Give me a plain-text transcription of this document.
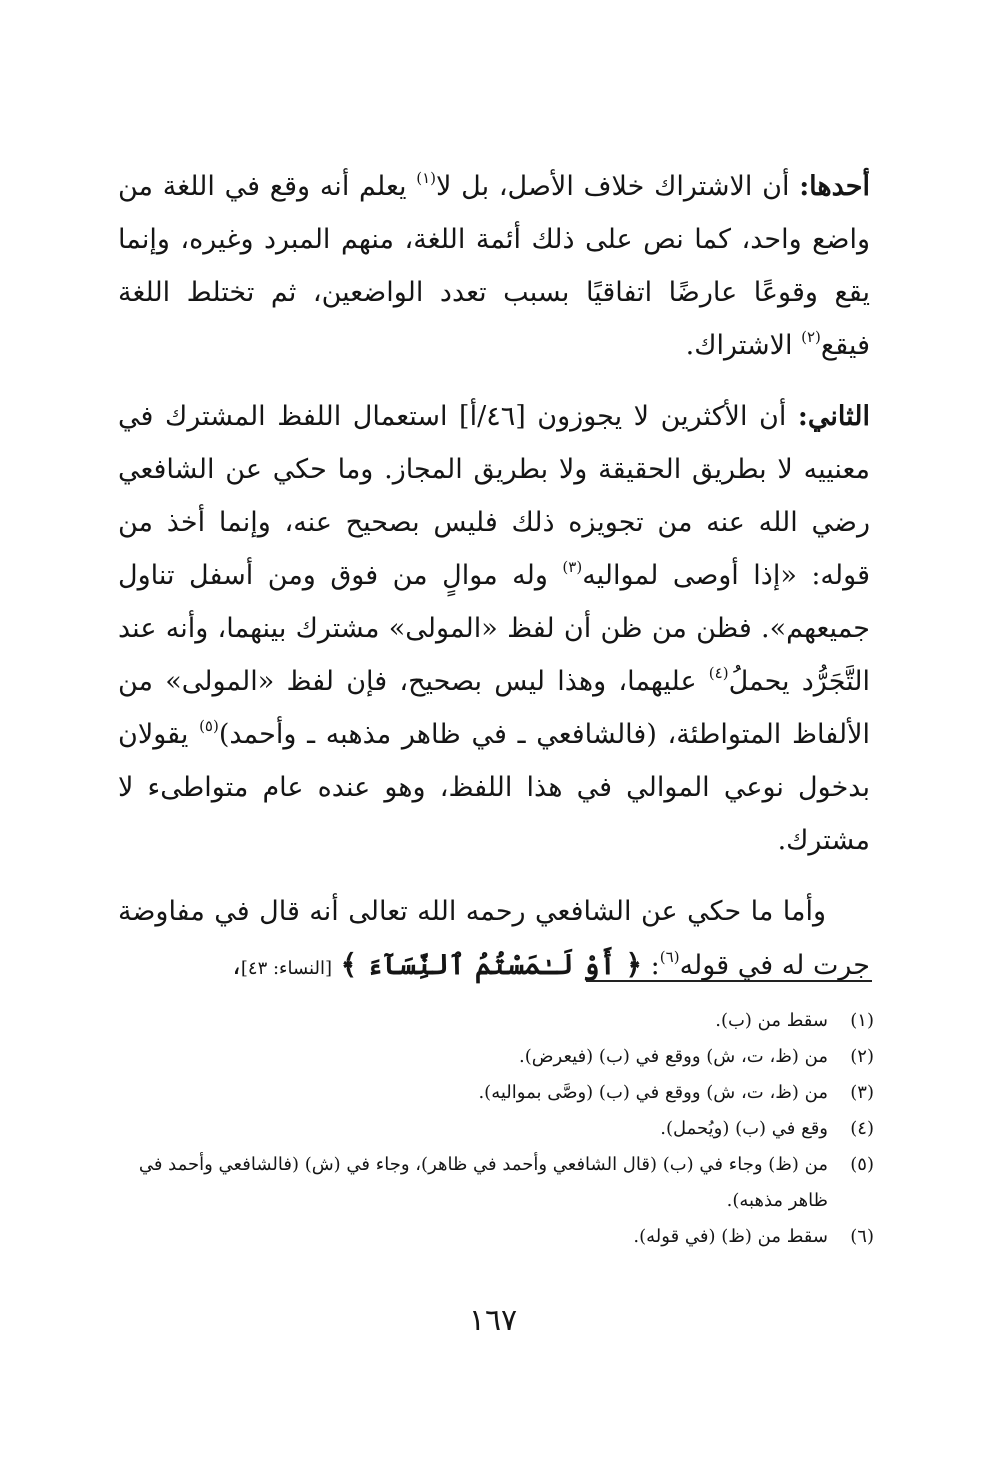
أحدها: أن الاشتراك خلاف الأصل، بل لا$^{(١)}$ يعلم أنه وقع في اللغة من واضع واحد، كما نص على ذلك أئمة اللغة، منهم المبرد وغيره، وإنما يقع وقوعًا عارضًا اتفاقيًا بسبب تعدد الواضعين، ثم تختلط اللغة فيقع$^{(٢)}$ الاشتراك.

الثاني: أن الأكثرين لا يجوزون [٤٦/أ] استعمال اللفظ المشترك في معنييه لا بطريق الحقيقة ولا بطريق المجاز. وما حكي عن الشافعي رضي الله عنه من تجويزه ذلك فليس بصحيح عنه، وإنما أخذ من قوله: «إذا أوصى لمواليه$^{(٣)}$ وله موالٍ من فوق ومن أسفل تناول جميعهم». فظن من ظن أن لفظ «المولى» مشترك بينهما، وأنه عند التَّجَرُّد يحملُ$^{(٤)}$ عليهما، وهذا ليس بصحيح، فإن لفظ «المولى» من الألفاظ المتواطئة، (فالشافعي ـ في ظاهر مذهبه ـ وأحمد)$^{(٥)}$ يقولان بدخول نوعي الموالي في هذا اللفظ، وهو عنده عام متواطىء لا مشترك.

وأما ما حكي عن الشافعي رحمه الله تعالى أنه قال في مفاوضة جرت له في قوله$^{(٦)}$: ﴿ أَوْ لَـٰمَسْتُمُ ٱلنِّسَآءَ ﴾ [النساء: ٤٣]،

(١)
سقط من (ب).
(٢)
من (ظ، ت، ش) ووقع في (ب) (فيعرض).
(٣)
من (ظ، ت، ش) ووقع في (ب) (وصَّى بمواليه).
(٤)
وقع في (ب) (ويُحمل).
(٥)
من (ظ) وجاء في (ب) (قال الشافعي وأحمد في ظاهر)، وجاء في (ش) (فالشافعي وأحمد في ظاهر مذهبه).
(٦)
سقط من (ظ) (في قوله).
١٦٧
